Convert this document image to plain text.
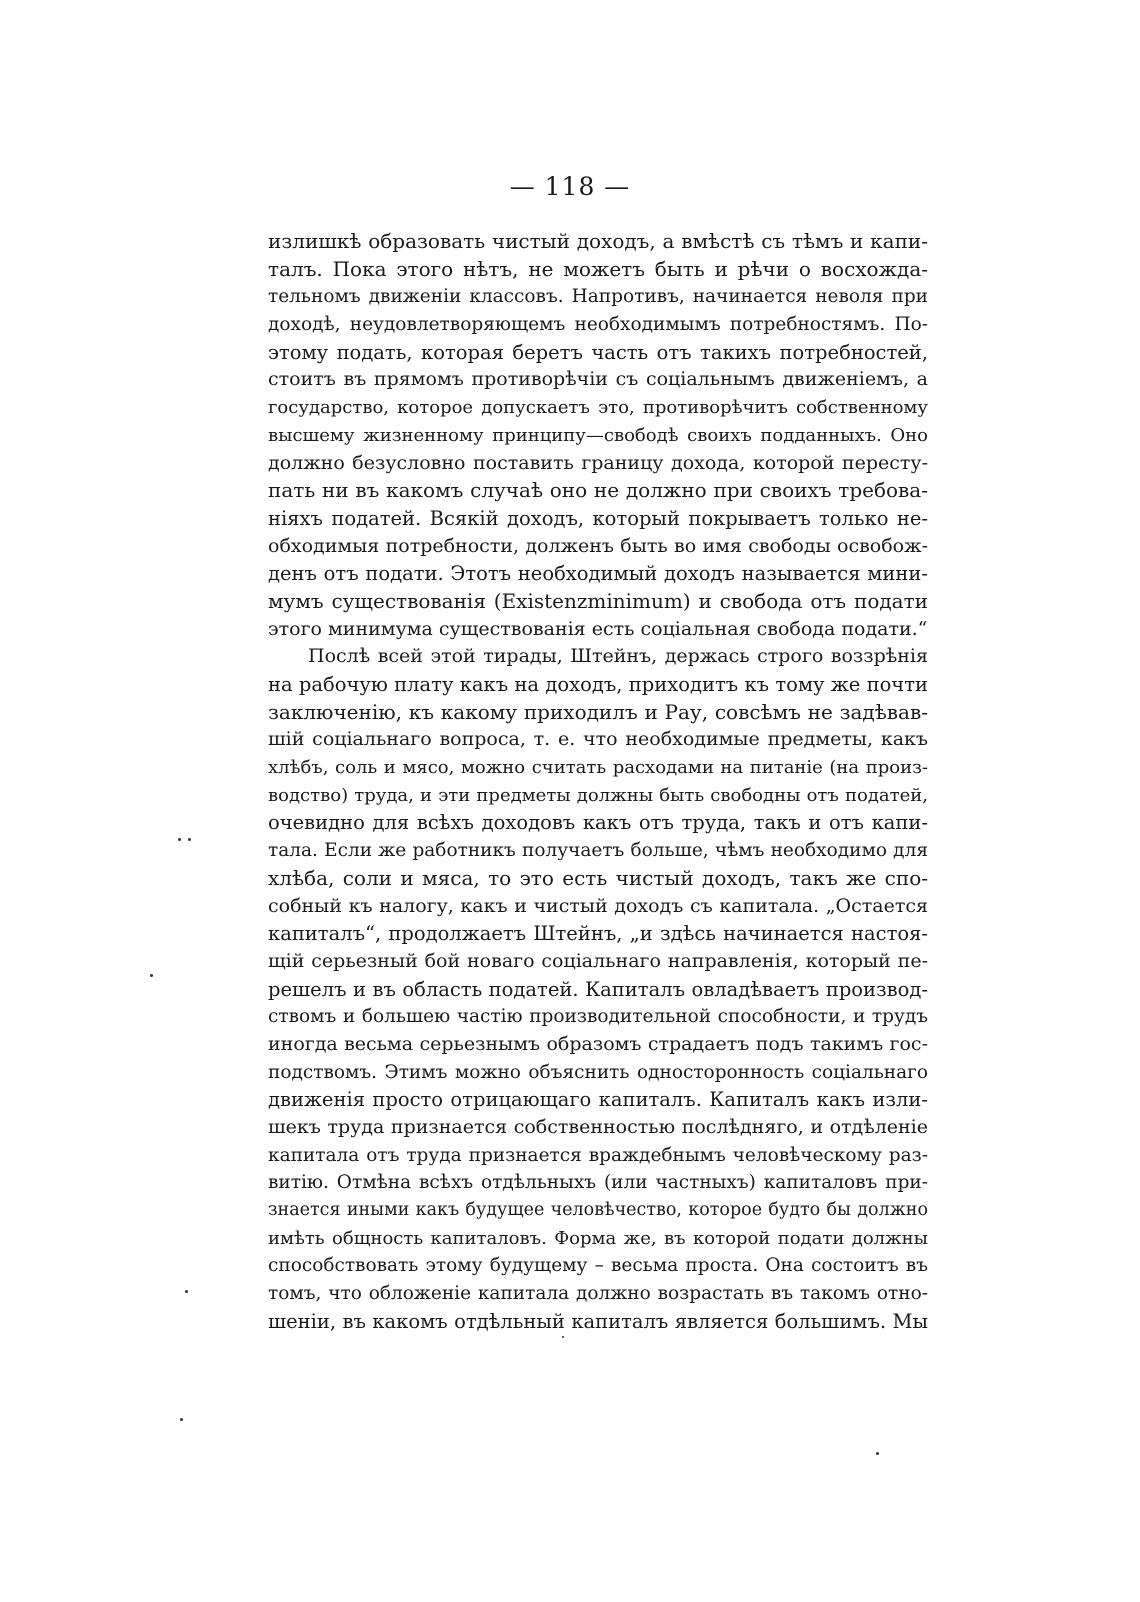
— 118 —
излишкѣ образовать чистый доходъ, а вмѣстѣ съ тѣмъ и капи-
талъ. Пока этого нѣтъ, не можетъ быть и рѣчи о восхожда-
тельномъ движенiи классовъ. Напротивъ, начинается неволя при
доходѣ, неудовлетворяющемъ необходимымъ потребностямъ. По-
этому подать, которая беретъ часть отъ такихъ потребностей,
стоитъ въ прямомъ противорѣчiи съ соцiальнымъ движенiемъ, а
государство, которое допускаетъ это, противорѣчитъ собственному
высшему жизненному принципу—свободѣ своихъ подданныхъ. Оно
должно безусловно поставить границу дохода, которой пересту-
пать ни въ какомъ случаѣ оно не должно при своихъ требова-
нiяхъ податей. Всякiй доходъ, который покрываетъ только не-
обходимыя потребности, долженъ быть во имя свободы освобож-
денъ отъ подати. Этотъ необходимый доходъ называется мини-
мумъ существованiя (Existenzminimum) и свобода отъ подати
этого минимума существованiя есть соцiальная свобода подати.“
Послѣ всей этой тирады, Штейнъ, держась строго воззрѣнiя
на рабочую плату какъ на доходъ, приходитъ къ тому же почти
заключенiю, къ какому приходилъ и Рау, совсѣмъ не задѣвав-
шiй соцiальнаго вопроса, т. е. что необходимые предметы, какъ
хлѣбъ, соль и мясо, можно считать расходами на питанiе (на произ-
водство) труда, и эти предметы должны быть свободны отъ податей,
очевидно для всѣхъ доходовъ какъ отъ труда, такъ и отъ капи-
тала. Если же работникъ получаетъ больше, чѣмъ необходимо для
хлѣба, соли и мяса, то это есть чистый доходъ, такъ же спо-
собный къ налогу, какъ и чистый доходъ съ капитала. „Остается
капиталъ“, продолжаетъ Штейнъ, „и здѣсь начинается настоя-
щiй серьезный бой новаго соцiальнаго направленiя, который пе-
решелъ и въ область податей. Капиталъ овладѣваетъ производ-
ствомъ и большею частiю производительной способности, и трудъ
иногда весьма серьезнымъ образомъ страдаетъ подъ такимъ гос-
подствомъ. Этимъ можно объяснить односторонность соцiальнаго
движенiя просто отрицающаго капиталъ. Капиталъ какъ изли-
шекъ труда признается собственностью послѣдняго, и отдѣленiе
капитала отъ труда признается враждебнымъ человѣческому раз-
витiю. Отмѣна всѣхъ отдѣльныхъ (или частныхъ) капиталовъ при-
знается иными какъ будущее человѣчество, которое будто бы должно
имѣть общность капиталовъ. Форма же, въ которой подати должны
способствовать этому будущему – весьма проста. Она состоитъ въ
томъ, что обложенiе капитала должно возрастать въ такомъ отно-
шенiи, въ какомъ отдѣльный капиталъ является большимъ. Мы
